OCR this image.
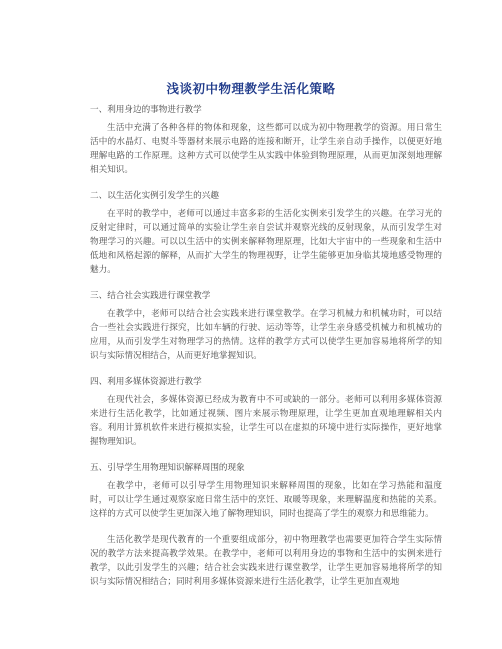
浅谈初中物理教学生活化策略

一、利用身边的事物进行教学

生活中充满了各种各样的物体和现象，这些都可以成为初中物理教学的资源。用日常生活中的水晶灯、电熨斗等器材来展示电路的连接和断开，让学生亲自动手操作，以便更好地理解电路的工作原理。这种方式可以使学生从实践中体验到物理原理，从而更加深刻地理解相关知识。

二、以生活化实例引发学生的兴趣

在平时的教学中，老师可以通过丰富多彩的生活化实例来引发学生的兴趣。在学习光的反射定律时，可以通过简单的实验让学生亲自尝试并观察光线的反射现象，从而引发学生对物理学习的兴趣。可以以生活中的实例来解释物理原理，比如大宇宙中的一些现象和生活中低地和风格起源的解释，从而扩大学生的物理视野，让学生能够更加身临其境地感受物理的魅力。

三、结合社会实践进行课堂教学

在教学中，老师可以结合社会实践来进行课堂教学。在学习机械力和机械功时，可以结合一些社会实践进行探究，比如车辆的行驶、运动等等，让学生亲身感受机械力和机械功的应用，从而引发学生对物理学习的热情。这样的教学方式可以使学生更加容易地将所学的知识与实际情况相结合，从而更好地掌握知识。

四、利用多媒体资源进行教学

在现代社会，多媒体资源已经成为教育中不可或缺的一部分。老师可以利用多媒体资源来进行生活化教学，比如通过视频、图片来展示物理原理，让学生更加直观地理解相关内容。利用计算机软件来进行模拟实验，让学生可以在虚拟的环境中进行实际操作，更好地掌握物理知识。

五、引导学生用物理知识解释周围的现象

在教学中，老师可以引导学生用物理知识来解释周围的现象，比如在学习热能和温度时，可以让学生通过观察家庭日常生活中的烹饪、取暖等现象，来理解温度和热能的关系。这样的方式可以使学生更加深入地了解物理知识，同时也提高了学生的观察力和思维能力。

生活化教学是现代教育的一个重要组成部分，初中物理教学也需要更加符合学生实际情况的教学方法来提高教学效果。在教学中，老师可以利用身边的事物和生活中的实例来进行教学，以此引发学生的兴趣；结合社会实践来进行课堂教学，让学生更加容易地将所学的知识与实际情况相结合；同时利用多媒体资源来进行生活化教学，让学生更加直观地
